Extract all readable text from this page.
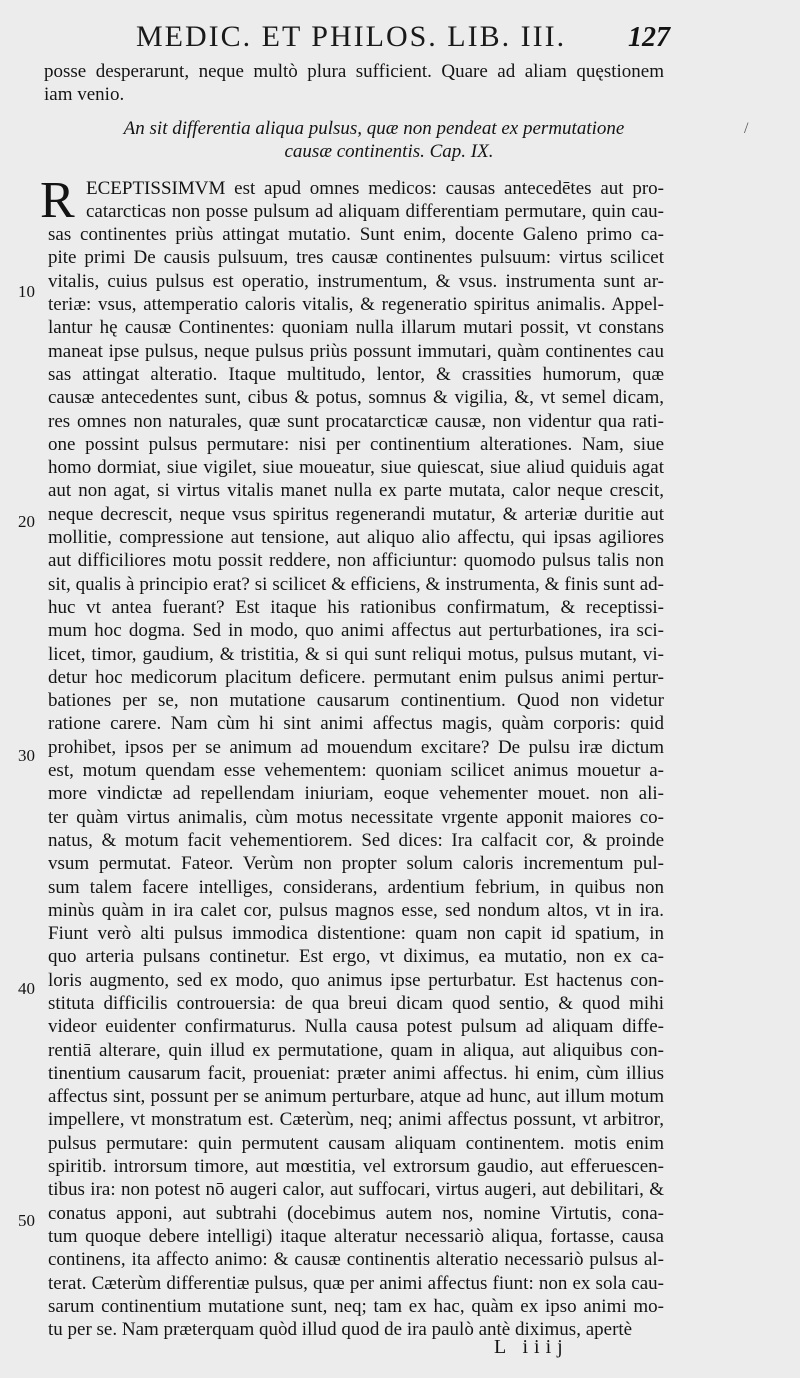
MEDIC. ET PHILOS. LIB. III. 127
posse desperarunt, neque multò plura sufficient. Quare ad aliam quęstionem
iam venio.
An sit differentia aliqua pulsus, quæ non pendeat ex permutatione
causæ continentis. Cap. IX.
R ECEPTISSIMVM est apud omnes medicos: causas antecedētes aut pro-
catarcticas non posse pulsum ad aliquam differentiam permutare, quin cau-
sas continentes priùs attingat mutatio. Sunt enim, docente Galeno primo ca-
pite primi De causis pulsuum, tres causæ continentes pulsuum: virtus scilicet
vitalis, cuius pulsus est operatio, instrumentum, & vsus. instrumenta sunt ar-
teriæ: vsus, attemperatio caloris vitalis, & regeneratio spiritus animalis. Appel-
lantur hę causæ Continentes: quoniam nulla illarum mutari possit, vt constans
maneat ipse pulsus, neque pulsus priùs possunt immutari, quàm continentes cau
sas attingat alteratio. Itaque multitudo, lentor, & crassities humorum, quæ
causæ antecedentes sunt, cibus & potus, somnus & vigilia, &, vt semel dicam,
res omnes non naturales, quæ sunt procatarcticæ causæ, non videntur qua rati-
one possint pulsus permutare: nisi per continentium alterationes. Nam, siue
homo dormiat, siue vigilet, siue moueatur, siue quiescat, siue aliud quiduis agat
aut non agat, si virtus vitalis manet nulla ex parte mutata, calor neque crescit,
neque decrescit, neque vsus spiritus regenerandi mutatur, & arteriæ duritie aut
mollitie, compressione aut tensione, aut aliquo alio affectu, qui ipsas agiliores
aut difficiliores motu possit reddere, non afficiuntur: quomodo pulsus talis non
sit, qualis à principio erat? si scilicet & efficiens, & instrumenta, & finis sunt ad-
huc vt antea fuerant? Est itaque his rationibus confirmatum, & receptissi-
mum hoc dogma. Sed in modo, quo animi affectus aut perturbationes, ira sci-
licet, timor, gaudium, & tristitia, & si qui sunt reliqui motus, pulsus mutant, vi-
detur hoc medicorum placitum deficere. permutant enim pulsus animi pertur-
bationes per se, non mutatione causarum continentium. Quod non videtur
ratione carere. Nam cùm hi sint animi affectus magis, quàm corporis: quid
prohibet, ipsos per se animum ad mouendum excitare? De pulsu iræ dictum
est, motum quendam esse vehementem: quoniam scilicet animus mouetur a-
more vindictæ ad repellendam iniuriam, eoque vehementer mouet. non ali-
ter quàm virtus animalis, cùm motus necessitate vrgente apponit maiores co-
natus, & motum facit vehementiorem. Sed dices: Ira calfacit cor, & proinde
vsum permutat. Fateor. Verùm non propter solum caloris incrementum pul-
sum talem facere intelliges, considerans, ardentium febrium, in quibus non
minùs quàm in ira calet cor, pulsus magnos esse, sed nondum altos, vt in ira.
Fiunt verò alti pulsus immodica distentione: quam non capit id spatium, in
quo arteria pulsans continetur. Est ergo, vt diximus, ea mutatio, non ex ca-
loris augmento, sed ex modo, quo animus ipse perturbatur. Est hactenus con-
stituta difficilis controuersia: de qua breui dicam quod sentio, & quod mihi
videor euidenter confirmaturus. Nulla causa potest pulsum ad aliquam diffe-
rentiā alterare, quin illud ex permutatione, quam in aliqua, aut aliquibus con-
tinentium causarum facit, proueniat: præter animi affectus. hi enim, cùm illius
affectus sint, possunt per se animum perturbare, atque ad hunc, aut illum motum
impellere, vt monstratum est. Cæterùm, neq; animi affectus possunt, vt arbitror,
pulsus permutare: quin permutent causam aliquam continentem. motis enim
spiritib. introrsum timore, aut mœstitia, vel extrorsum gaudio, aut efferuescen-
tibus ira: non potest nō augeri calor, aut suffocari, virtus augeri, aut debilitari, &
conatus apponi, aut subtrahi (docebimus autem nos, nomine Virtutis, cona-
tum quoque debere intelligi) itaque alteratur necessariò aliqua, fortasse, causa
continens, ita affecto animo: & causæ continentis alteratio necessariò pulsus al-
terat. Cæterùm differentiæ pulsus, quæ per animi affectus fiunt: non ex sola cau-
sarum continentium mutatione sunt, neq; tam ex hac, quàm ex ipso animi mo-
tu per se. Nam præterquam quòd illud quod de ira paulò antè diximus, apertè
10
20
30
40
50
L iiij
/
